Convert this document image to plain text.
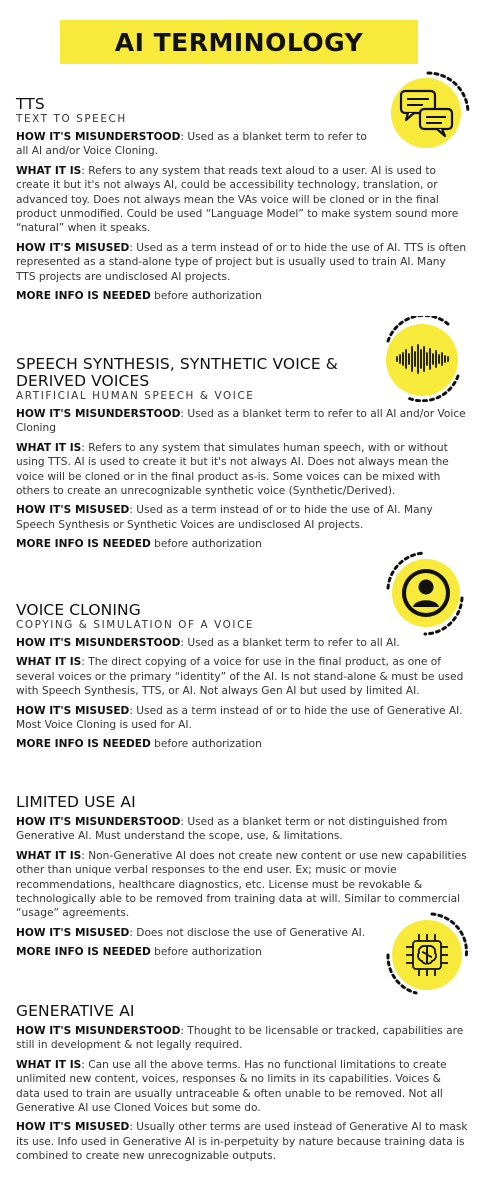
AI TERMINOLOGY
TTS
TEXT TO SPEECH

HOW IT'S MISUNDERSTOOD: Used as a blanket term to refer to all AI and/or Voice Cloning.

WHAT IT IS: Refers to any system that reads text aloud to a user. AI is used to create it but it's not always AI, could be accessibility technology, translation, or advanced toy. Does not always mean the VAs voice will be cloned or in the final product unmodified. Could be used “Language Model” to make system sound more “natural” when it speaks.

HOW IT'S MISUSED: Used as a term instead of or to hide the use of AI. TTS is often represented as a stand-alone type of project but is usually used to train AI. Many TTS projects are undisclosed AI projects.

MORE INFO IS NEEDED before authorization

SPEECH SYNTHESIS, SYNTHETIC VOICE & DERIVED VOICES
ARTIFICIAL HUMAN SPEECH & VOICE

HOW IT'S MISUNDERSTOOD: Used as a blanket term to refer to all AI and/or Voice Cloning

WHAT IT IS: Refers to any system that simulates human speech, with or without using TTS. AI is used to create it but it's not always AI. Does not always mean the voice will be cloned or in the final product as-is. Some voices can be mixed with others to create an unrecognizable synthetic voice (Synthetic/Derived).

HOW IT'S MISUSED: Used as a term instead of or to hide the use of AI. Many Speech Synthesis or Synthetic Voices are undisclosed AI projects.

MORE INFO IS NEEDED before authorization

VOICE CLONING
COPYING & SIMULATION OF A VOICE

HOW IT'S MISUNDERSTOOD: Used as a blanket term to refer to all AI.

WHAT IT IS: The direct copying of a voice for use in the final product, as one of several voices or the primary “identity” of the AI. Is not stand-alone & must be used with Speech Synthesis, TTS, or AI. Not always Gen AI but used by limited AI.

HOW IT'S MISUSED: Used as a term instead of or to hide the use of Generative AI. Most Voice Cloning is used for AI.

MORE INFO IS NEEDED before authorization

LIMITED USE AI

HOW IT'S MISUNDERSTOOD: Used as a blanket term or not distinguished from Generative AI. Must understand the scope, use, & limitations.

WHAT IT IS: Non-Generative AI does not create new content or use new capabilities other than unique verbal responses to the end user. Ex; music or movie recommendations, healthcare diagnostics, etc. License must be revokable & technologically able to be removed from training data at will. Similar to commercial “usage” agreements.

HOW IT'S MISUSED: Does not disclose the use of Generative AI.

MORE INFO IS NEEDED before authorization

GENERATIVE AI

HOW IT'S MISUNDERSTOOD: Thought to be licensable or tracked, capabilities are still in development & not legally required.

WHAT IT IS: Can use all the above terms. Has no functional limitations to create unlimited new content, voices, responses & no limits in its capabilities. Voices & data used to train are usually untraceable & often unable to be removed. Not all Generative AI use Cloned Voices but some do.

HOW IT'S MISUSED: Usually other terms are used instead of Generative AI to mask its use. Info used in Generative AI is in-perpetuity by nature because training data is combined to create new unrecognizable outputs.
